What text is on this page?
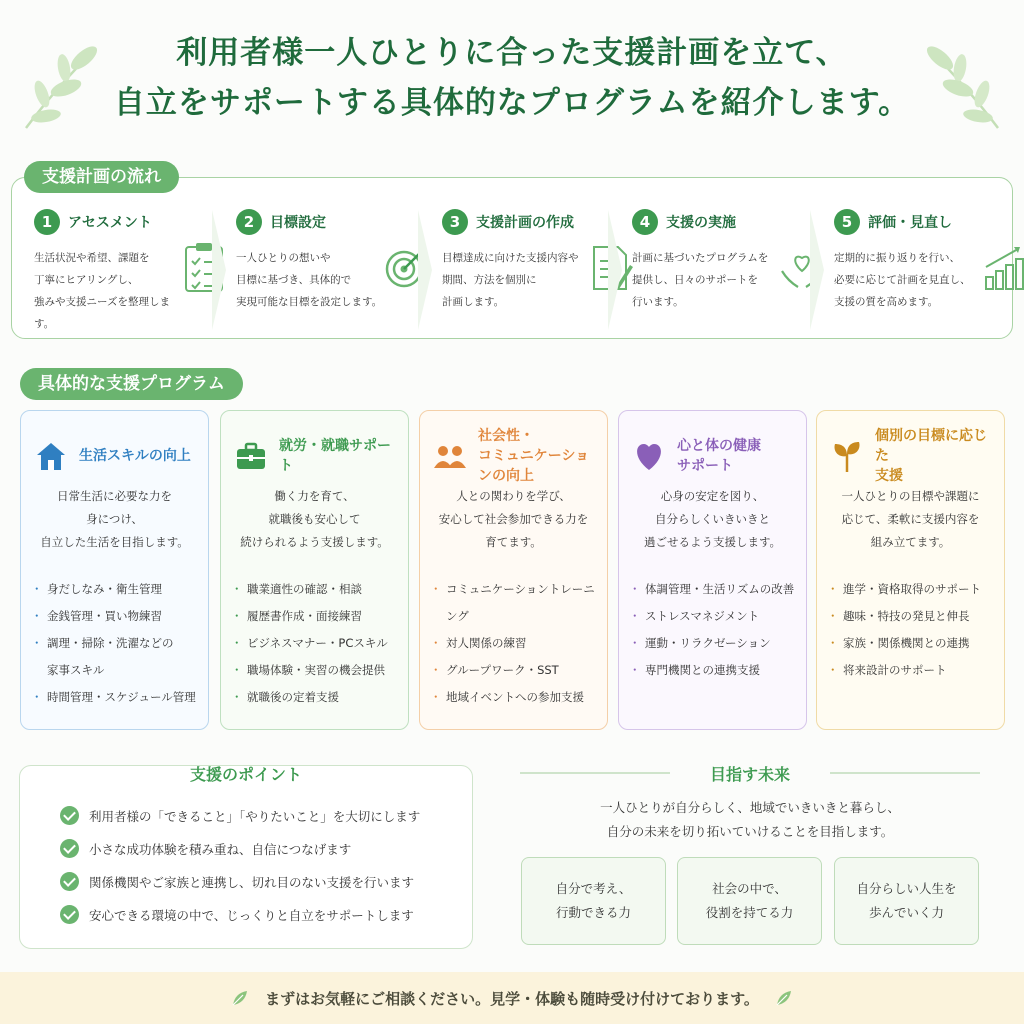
利用者様一人ひとりに合った支援計画を立て、
自立をサポートする具体的なプログラムを紹介します。
支援計画の流れ
1	アセスメント
生活状況や希望、課題を
丁寧にヒアリングし、
強みや支援ニーズを整理します。
2	目標設定
一人ひとりの想いや
目標に基づき、具体的で
実現可能な目標を設定します。
3	支援計画の作成
目標達成に向けた支援内容や
期間、方法を個別に
計画します。
4	支援の実施
計画に基づいたプログラムを
提供し、日々のサポートを
行います。
5	評価・見直し
定期的に振り返りを行い、
必要に応じて計画を見直し、
支援の質を高めます。
具体的な支援プログラム
生活スキルの向上
日常生活に必要な力を
身につけ、
自立した生活を目指します。
・ 身だしなみ・衛生管理
・ 金銭管理・買い物練習
・ 調理・掃除・洗濯などの
家事スキル
・ 時間管理・スケジュール管理
就労・就職サポート
働く力を育て、
就職後も安心して
続けられるよう支援します。
・ 職業適性の確認・相談
・ 履歴書作成・面接練習
・ ビジネスマナー・PCスキル
・ 職場体験・実習の機会提供
・ 就職後の定着支援
社会性・
コミュニケーションの向上
人との関わりを学び、
安心して社会参加できる力を
育てます。
・ コミュニケーショントレーニング
・ 対人関係の練習
・ グループワーク・SST
・ 地域イベントへの参加支援
心と体の健康
サポート
心身の安定を図り、
自分らしくいきいきと
過ごせるよう支援します。
・ 体調管理・生活リズムの改善
・ ストレスマネジメント
・ 運動・リラクゼーション
・ 専門機関との連携支援
個別の目標に応じた
支援
一人ひとりの目標や課題に
応じて、柔軟に支援内容を
組み立てます。
・ 進学・資格取得のサポート
・ 趣味・特技の発見と伸長
・ 家族・関係機関との連携
・ 将来設計のサポート
支援のポイント
利用者様の「できること」「やりたいこと」を大切にします
小さな成功体験を積み重ね、自信につなげます
関係機関やご家族と連携し、切れ目のない支援を行います
安心できる環境の中で、じっくりと自立をサポートします
目指す未来
一人ひとりが自分らしく、地域でいきいきと暮らし、
自分の未来を切り拓いていけることを目指します。
自分で考え、
行動できる力
社会の中で、
役割を持てる力
自分らしい人生を
歩んでいく力
まずはお気軽にご相談ください。見学・体験も随時受け付けております。
